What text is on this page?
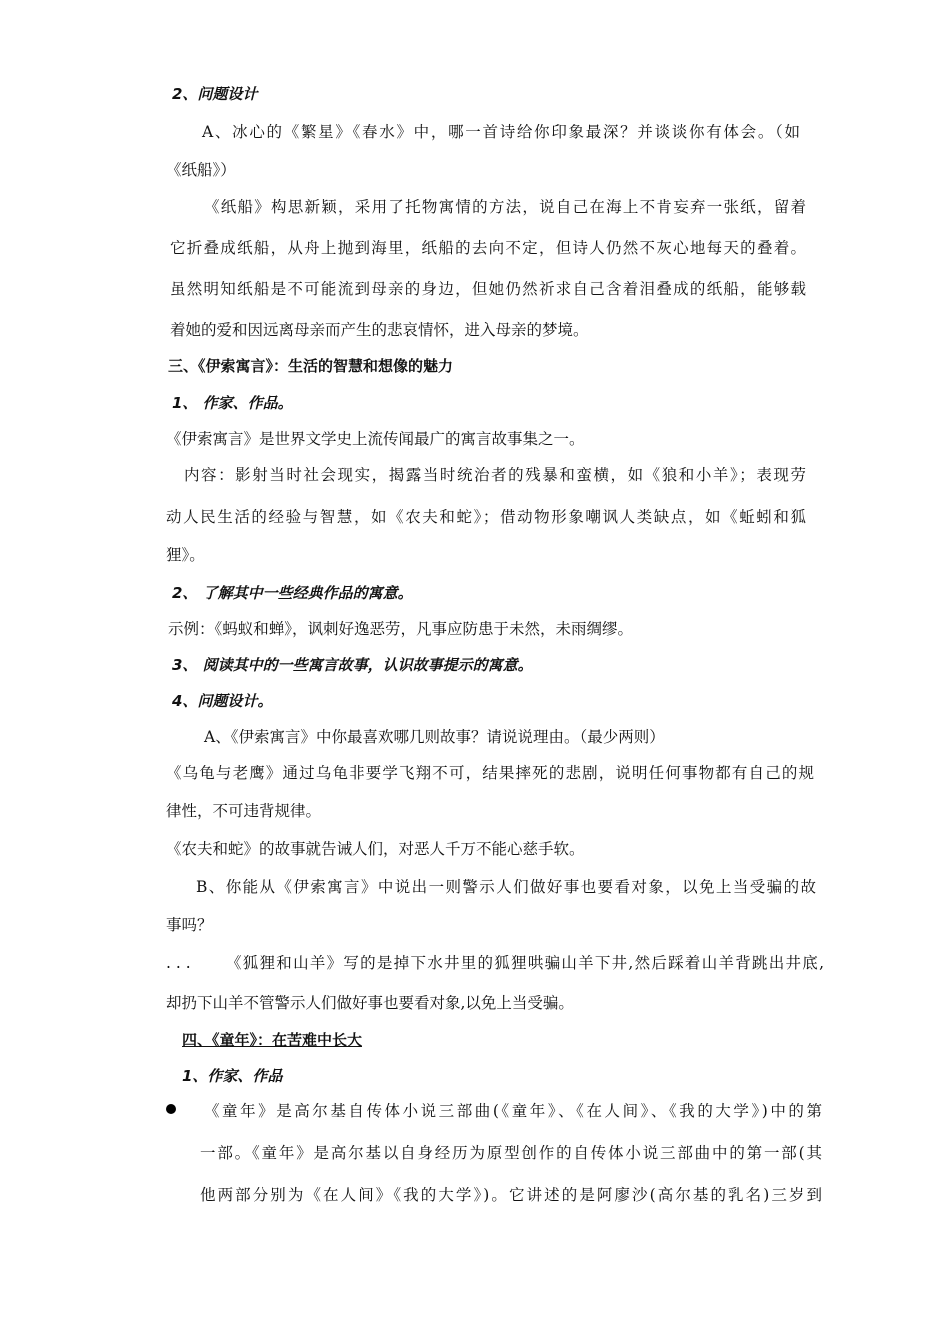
2、问题设计
A、冰心的《繁星》《春水》中，哪一首诗给你印象最深？并谈谈你有体会。（如
《纸船》）
《纸船》构思新颖，采用了托物寓情的方法，说自己在海上不肯妄弃一张纸，留着
它折叠成纸船，从舟上抛到海里，纸船的去向不定，但诗人仍然不灰心地每天的叠着。
虽然明知纸船是不可能流到母亲的身边，但她仍然祈求自己含着泪叠成的纸船，能够载
着她的爱和因远离母亲而产生的悲哀情怀，进入母亲的梦境。
三、《伊索寓言》：生活的智慧和想像的魅力
1、 作家、作品。
《伊索寓言》是世界文学史上流传闻最广的寓言故事集之一。
内容：影射当时社会现实，揭露当时统治者的残暴和蛮横，如《狼和小羊》；表现劳
动人民生活的经验与智慧，如《农夫和蛇》；借动物形象嘲讽人类缺点，如《蚯蚓和狐
狸》。
2、 了解其中一些经典作品的寓意。
示例：《蚂蚁和蝉》，讽刺好逸恶劳，凡事应防患于未然，未雨绸缪。
3、 阅读其中的一些寓言故事，认识故事提示的寓意。
4、问题设计。
A、《伊索寓言》中你最喜欢哪几则故事？请说说理由。（最少两则）
《乌龟与老鹰》通过乌龟非要学飞翔不可，结果摔死的悲剧，说明任何事物都有自己的规
律性，不可违背规律。
《农夫和蛇》的故事就告诫人们，对恶人千万不能心慈手软。
B、你能从《伊索寓言》中说出一则警示人们做好事也要看对象，以免上当受骗的故
事吗？
. . . 《狐狸和山羊》写的是掉下水井里的狐狸哄骗山羊下井,然后踩着山羊背跳出井底,
却扔下山羊不管警示人们做好事也要看对象,以免上当受骗。
四、《童年》：在苦难中长大
1、作家、作品
《童年》是高尔基自传体小说三部曲(《童年》、《在人间》、《我的大学》)中的第
一部。《童年》是高尔基以自身经历为原型创作的自传体小说三部曲中的第一部(其
他两部分别为《在人间》《我的大学》)。它讲述的是阿廖沙(高尔基的乳名)三岁到
